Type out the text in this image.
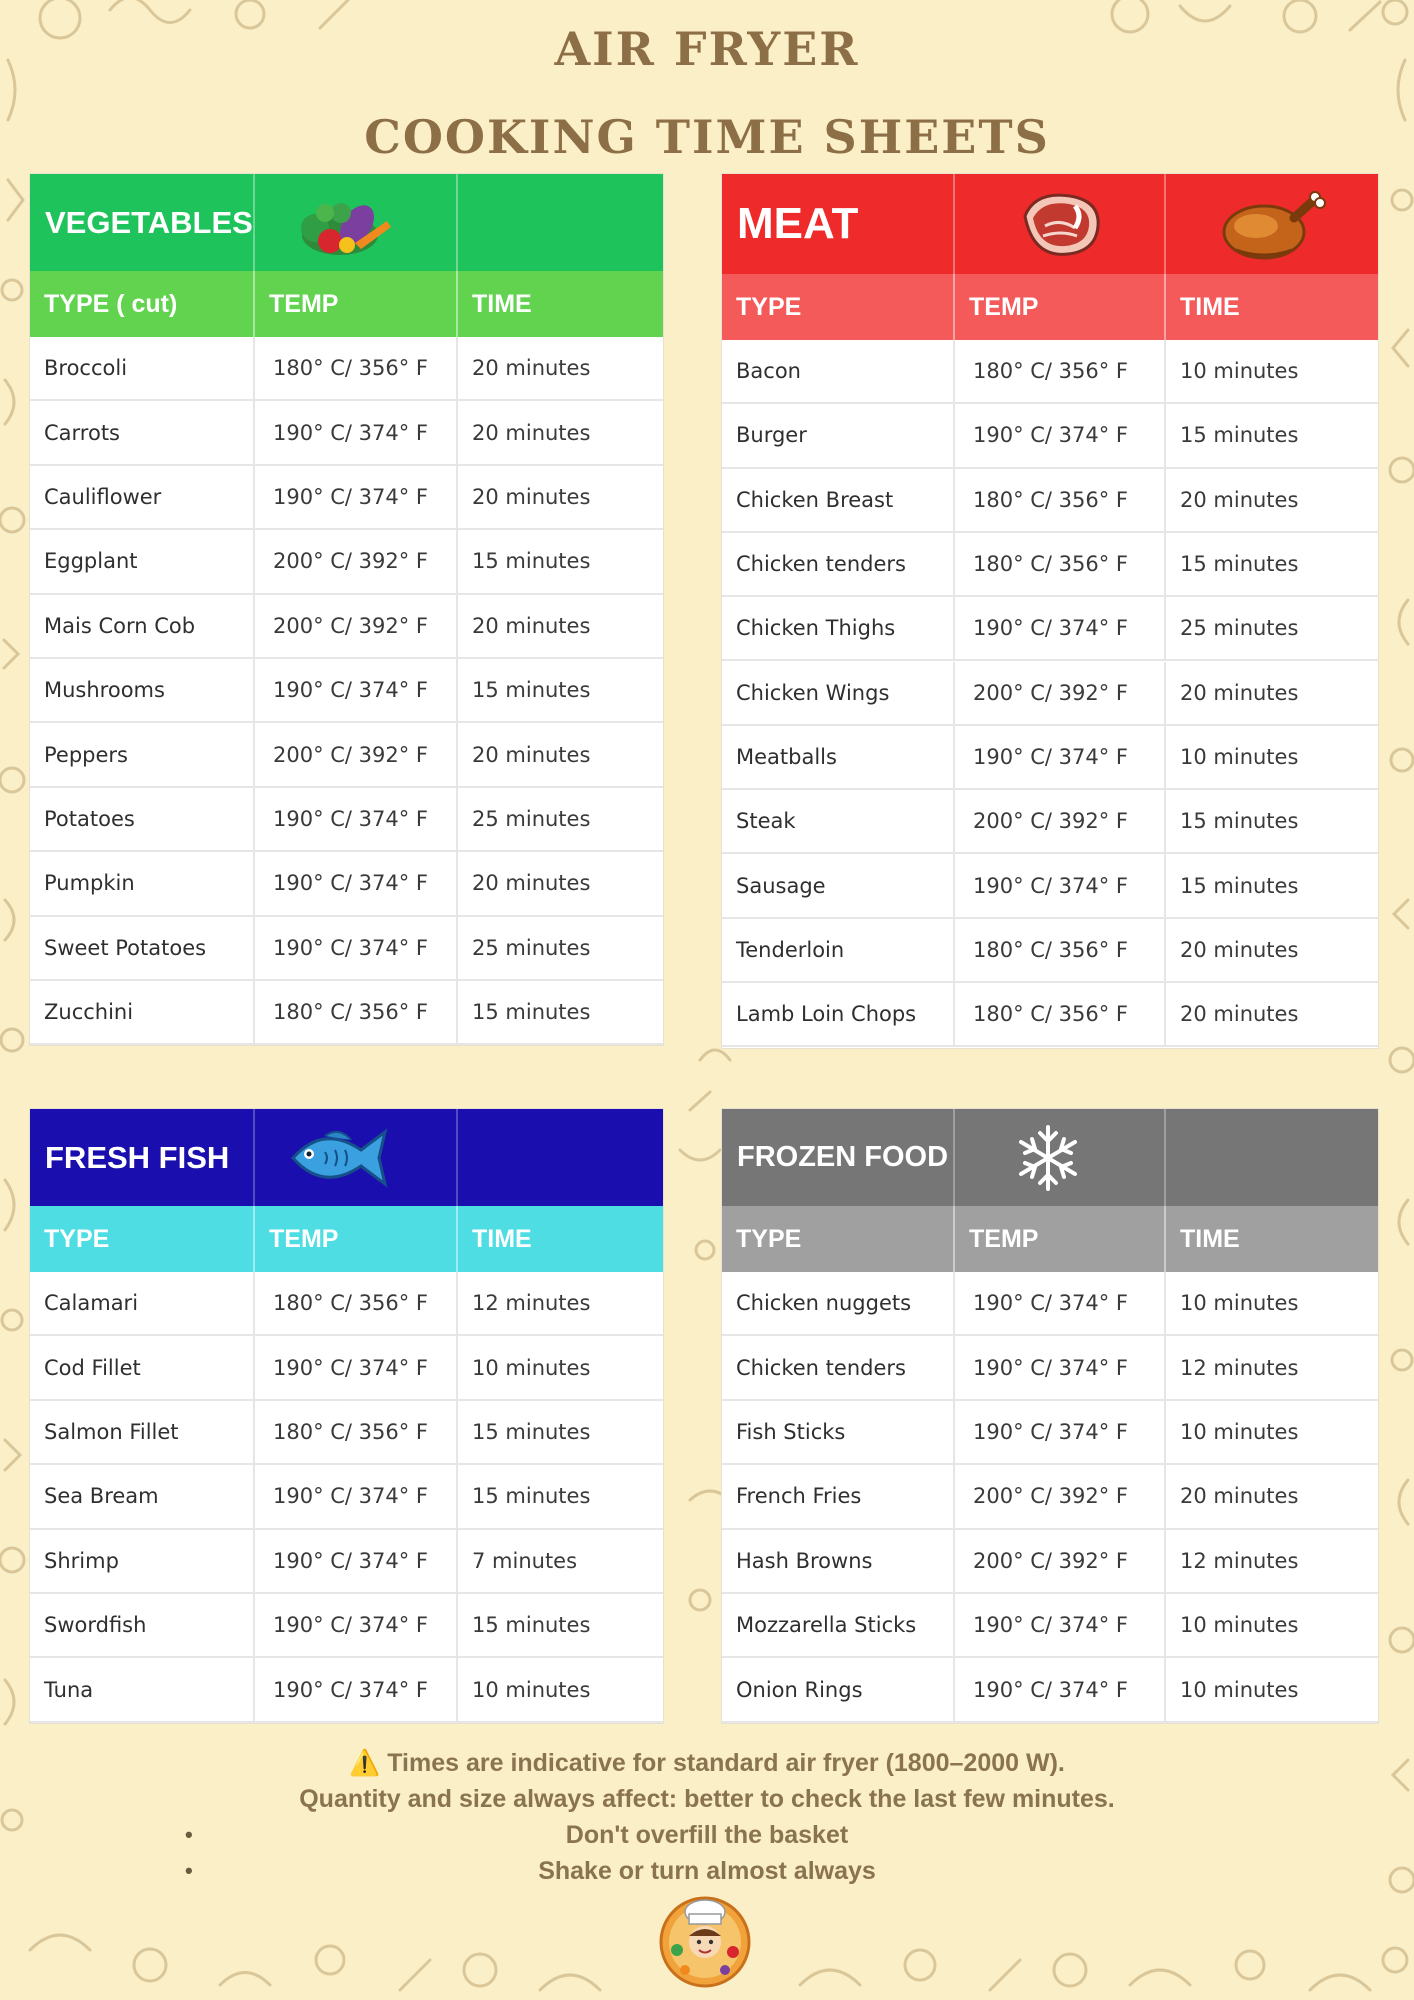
AIR FRYER
COOKING TIME SHEETS
VEGETABLES
TYPE ( cut)	TEMP	TIME
Broccoli	180° C/ 356° F	20 minutes
Carrots	190° C/ 374° F	20 minutes
Cauliflower	190° C/ 374° F	20 minutes
Eggplant	200° C/ 392° F	15 minutes
Mais Corn Cob	200° C/ 392° F	20 minutes
Mushrooms	190° C/ 374° F	15 minutes
Peppers	200° C/ 392° F	20 minutes
Potatoes	190° C/ 374° F	25 minutes
Pumpkin	190° C/ 374° F	20 minutes
Sweet Potatoes	190° C/ 374° F	25 minutes
Zucchini	180° C/ 356° F	15 minutes
MEAT
TYPE	TEMP	TIME
Bacon	180° C/ 356° F	10 minutes
Burger	190° C/ 374° F	15 minutes
Chicken Breast	180° C/ 356° F	20 minutes
Chicken tenders	180° C/ 356° F	15 minutes
Chicken Thighs	190° C/ 374° F	25 minutes
Chicken Wings	200° C/ 392° F	20 minutes
Meatballs	190° C/ 374° F	10 minutes
Steak	200° C/ 392° F	15 minutes
Sausage	190° C/ 374° F	15 minutes
Tenderloin	180° C/ 356° F	20 minutes
Lamb Loin Chops	180° C/ 356° F	20 minutes
FRESH FISH
TYPE	TEMP	TIME
Calamari	180° C/ 356° F	12 minutes
Cod Fillet	190° C/ 374° F	10 minutes
Salmon Fillet	180° C/ 356° F	15 minutes
Sea Bream	190° C/ 374° F	15 minutes
Shrimp	190° C/ 374° F	7 minutes
Swordfish	190° C/ 374° F	15 minutes
Tuna	190° C/ 374° F	10 minutes
FROZEN FOOD
TYPE	TEMP	TIME
Chicken nuggets	190° C/ 374° F	10 minutes
Chicken tenders	190° C/ 374° F	12 minutes
Fish Sticks	190° C/ 374° F	10 minutes
French Fries	200° C/ 392° F	20 minutes
Hash Browns	200° C/ 392° F	12 minutes
Mozzarella Sticks	190° C/ 374° F	10 minutes
Onion Rings	190° C/ 374° F	10 minutes
⚠️ Times are indicative for standard air fryer (1800–2000 W).
Quantity and size always affect: better to check the last few minutes.
•	Don't overfill the basket
•	Shake or turn almost always
